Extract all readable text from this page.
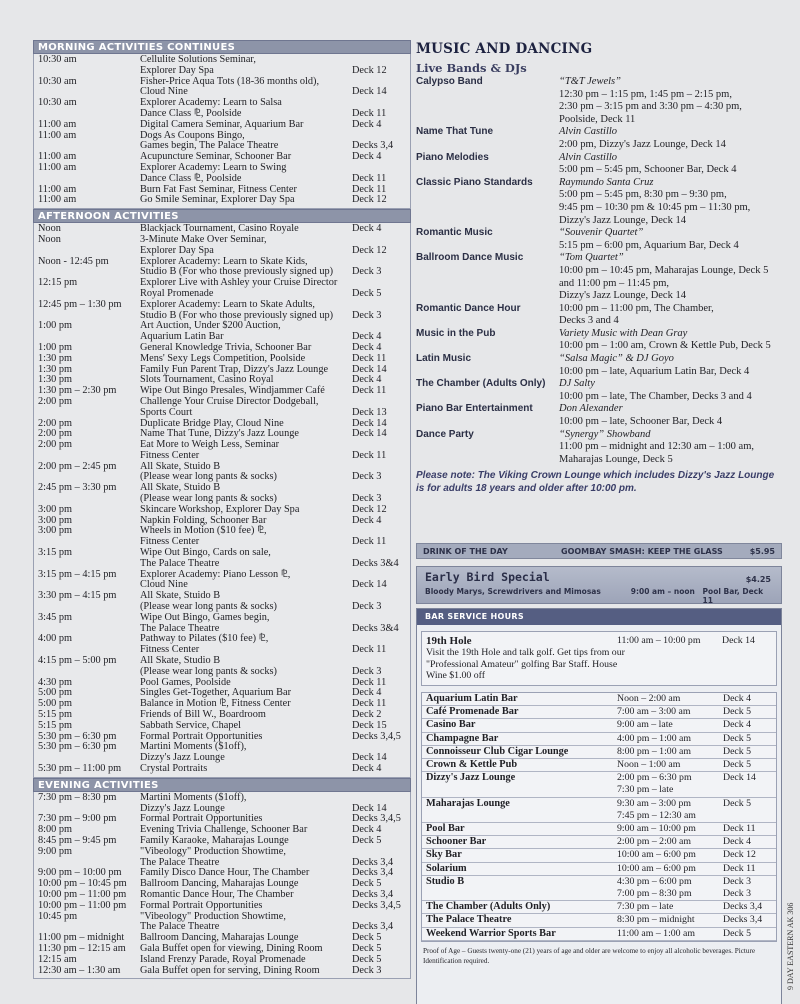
MORNING ACTIVITIES CONTINUES
10:30 am	Cellulite Solutions Seminar,
Explorer Day Spa	Deck 12
10:30 am	Fisher-Price Aqua Tots (18-36 months old),
Cloud Nine	Deck 14
10:30 am	Explorer Academy: Learn to Salsa
Dance Class ⅊, Poolside	Deck 11
11:00 am	Digital Camera Seminar, Aquarium Bar	Deck 4
11:00 am	Dogs As Coupons Bingo,
Games begin, The Palace Theatre	Decks 3,4
11:00 am	Acupuncture Seminar, Schooner Bar	Deck 4
11:00 am	Explorer Academy: Learn to Swing
Dance Class ⅊, Poolside	Deck 11
11:00 am	Burn Fat Fast Seminar, Fitness Center	Deck 11
11:00 am	Go Smile Seminar, Explorer Day Spa	Deck 12
AFTERNOON ACTIVITIES
Noon	Blackjack Tournament, Casino Royale	Deck 4
Noon	3-Minute Make Over Seminar,
Explorer Day Spa	Deck 12
Noon - 12:45 pm	Explorer Academy: Learn to Skate Kids,
Studio B (For who those previously signed up)	Deck 3
12:15 pm	Explorer Live with Ashley your Cruise Director
Royal Promenade	Deck 5
12:45 pm – 1:30 pm	Explorer Academy: Learn to Skate Adults,
Studio B (For who those previously signed up)	Deck 3
1:00 pm	Art Auction, Under $200 Auction,
Aquarium Latin Bar	Deck 4
1:00 pm	General Knowledge Trivia, Schooner Bar	Deck 4
1:30 pm	Mens' Sexy Legs Competition, Poolside	Deck 11
1:30 pm	Family Fun Parent Trap, Dizzy's Jazz Lounge	Deck 14
1:30 pm	Slots Tournament, Casino Royal	Deck 4
1:30 pm – 2:30 pm	Wipe Out Bingo Presales, Windjammer Café	Deck 11
2:00 pm	Challenge Your Cruise Director Dodgeball,
Sports Court	Deck 13
2:00 pm	Duplicate Bridge Play, Cloud Nine	Deck 14
2:00 pm	Name That Tune, Dizzy's Jazz Lounge	Deck 14
2:00 pm	Eat More to Weigh Less, Seminar
Fitness Center	Deck 11
2:00 pm – 2:45 pm	All Skate, Stuido B
(Please wear long pants & socks)	Deck 3
2:45 pm – 3:30 pm	All Skate, Stuido B
(Please wear long pants & socks)	Deck 3
3:00 pm	Skincare Workshop, Explorer Day Spa	Deck 12
3:00 pm	Napkin Folding, Schooner Bar	Deck 4
3:00 pm	Wheels in Motion ($10 fee) ⅊,
Fitness Center	Deck 11
3:15 pm	Wipe Out Bingo, Cards on sale,
The Palace Theatre	Decks 3&4
3:15 pm – 4:15 pm	Explorer Academy: Piano Lesson ⅊,
Cloud Nine	Deck 14
3:30 pm – 4:15 pm	All Skate, Stuido B
(Please wear long pants & socks)	Deck 3
3:45 pm	Wipe Out Bingo, Games begin,
The Palace Theatre	Decks 3&4
4:00 pm	Pathway to Pilates ($10 fee) ⅊,
Fitness Center	Deck 11
4:15 pm – 5:00 pm	All Skate, Studio B
(Please wear long pants & socks)	Deck 3
4:30 pm	Pool Games, Poolside	Deck 11
5:00 pm	Singles Get-Together, Aquarium Bar	Deck 4
5:00 pm	Balance in Motion ⅊, Fitness Center	Deck 11
5:15 pm	Friends of Bill W., Boardroom	Deck 2
5:15 pm	Sabbath Service, Chapel	Deck 15
5:30 pm – 6:30 pm	Formal Portrait Opportunities	Decks 3,4,5
5:30 pm – 6:30 pm	Martini Moments ($1off),
Dizzy's Jazz Lounge	Deck 14
5:30 pm – 11:00 pm	Crystal Portraits	Deck 4
EVENING ACTIVITIES
7:30 pm – 8:30 pm	Martini Moments ($1off),
Dizzy's Jazz Lounge	Deck 14
7:30 pm – 9:00 pm	Formal Portrait Opportunities	Decks 3,4,5
8:00 pm	Evening Trivia Challenge, Schooner Bar	Deck 4
8:45 pm – 9:45 pm	Family Karaoke, Maharajas Lounge	Deck 5
9:00 pm	"Vibeology" Production Showtime,
The Palace Theatre	Decks 3,4
9:00 pm – 10:00 pm	Family Disco Dance Hour, The Chamber	Decks 3,4
10:00 pm – 10:45 pm	Ballroom Dancing, Maharajas Lounge	Deck 5
10:00 pm – 11:00 pm	Romantic Dance Hour, The Chamber	Decks 3,4
10:00 pm – 11:00 pm	Formal Portrait Opportunities	Decks 3,4,5
10:45 pm	"Vibeology" Production Showtime,
The Palace Theatre	Decks 3,4
11:00 pm – midnight	Ballroom Dancing, Maharajas Lounge	Deck 5
11:30 pm – 12:15 am	Gala Buffet open for viewing, Dining Room	Deck 5
12:15 am	Island Frenzy Parade, Royal Promenade	Deck 5
12:30 am – 1:30 am	Gala Buffet open for serving, Dining Room	Deck 3
MUSIC AND DANCING
Live Bands & DJs
Calypso Band	“T&T Jewels”
12:30 pm – 1:15 pm, 1:45 pm – 2:15 pm,
2:30 pm – 3:15 pm and 3:30 pm – 4:30 pm,
Poolside, Deck 11
Name That Tune	Alvin Castillo
2:00 pm, Dizzy's Jazz Lounge, Deck 14
Piano Melodies	Alvin Castillo
5:00 pm – 5:45 pm, Schooner Bar, Deck 4
Classic Piano Standards	Raymundo Santa Cruz
5:00 pm – 5:45 pm, 8:30 pm – 9:30 pm,
9:45 pm – 10:30 pm & 10:45 pm – 11:30 pm,
Dizzy's Jazz Lounge, Deck 14
Romantic Music	“Souvenir Quartet”
5:15 pm – 6:00 pm, Aquarium Bar, Deck 4
Ballroom Dance Music	“Tom Quartet”
10:00 pm – 10:45 pm, Maharajas Lounge, Deck 5
and 11:00 pm – 11:45 pm,
Dizzy's Jazz Lounge, Deck 14
Romantic Dance Hour	10:00 pm – 11:00 pm, The Chamber,
Decks 3 and 4
Music in the Pub	Variety Music with Dean Gray
10:00 pm – 1:00 am, Crown & Kettle Pub, Deck 5
Latin Music	“Salsa Magic” & DJ Goyo
10:00 pm – late, Aquarium Latin Bar, Deck 4
The Chamber (Adults Only)	DJ Salty
10:00 pm – late, The Chamber, Decks 3 and 4
Piano Bar Entertainment	Don Alexander
10:00 pm – late, Schooner Bar, Deck 4
Dance Party	“Synergy” Showband
11:00 pm – midnight and 12:30 am – 1:00 am,
Maharajas Lounge, Deck 5
Please note: The Viking Crown Lounge which includes Dizzy's Jazz Lounge is for adults 18 years and older after 10:00 pm.
DRINK OF THE DAY	GOOMBAY SMASH: KEEP THE GLASS	$5.95
Early Bird Special	$4.25
Bloody Marys, Screwdrivers and Mimosas	9:00 am – noon	Pool Bar, Deck 11
BAR SERVICE HOURS
19th Hole
Visit the 19th Hole and talk golf. Get tips from our "Professional Amateur" golfing Bar Staff. House Wine $1.00 off
11:00 am – 10:00 pm Deck 14
Aquarium Latin Bar	Noon – 2:00 am	Deck 4
Café Promenade Bar	7:00 am – 3:00 am	Deck 5
Casino Bar	9:00 am – late	Deck 4
Champagne Bar	4:00 pm – 1:00 am	Deck 5
Connoisseur Club Cigar Lounge	8:00 pm – 1:00 am	Deck 5
Crown & Kettle Pub	Noon – 1:00 am	Deck 5
Dizzy's Jazz Lounge	2:00 pm – 6:30 pm
7:30 pm – late
Deck 14
Maharajas Lounge	9:30 am – 3:00 pm
7:45 pm – 12:30 am
Deck 5
Pool Bar	9:00 am – 10:00 pm	Deck 11
Schooner Bar	2:00 pm – 2:00 am	Deck 4
Sky Bar	10:00 am – 6:00 pm	Deck 12
Solarium	10:00 am – 6:00 pm	Deck 11
Studio B	4:30 pm – 6:00 pm
7:00 pm – 8:30 pm
Deck 3
Deck 3
The Chamber (Adults Only)	7:30 pm – late	Decks 3,4
The Palace Theatre	8:30 pm – midnight	Decks 3,4
Weekend Warrior Sports Bar	11:00 am – 1:00 am	Deck 5
Proof of Age – Guests twenty-one (21) years of age and older are welcome to enjoy all alcoholic beverages. Picture Identification required.	9 DAY EASTERN AK 306
